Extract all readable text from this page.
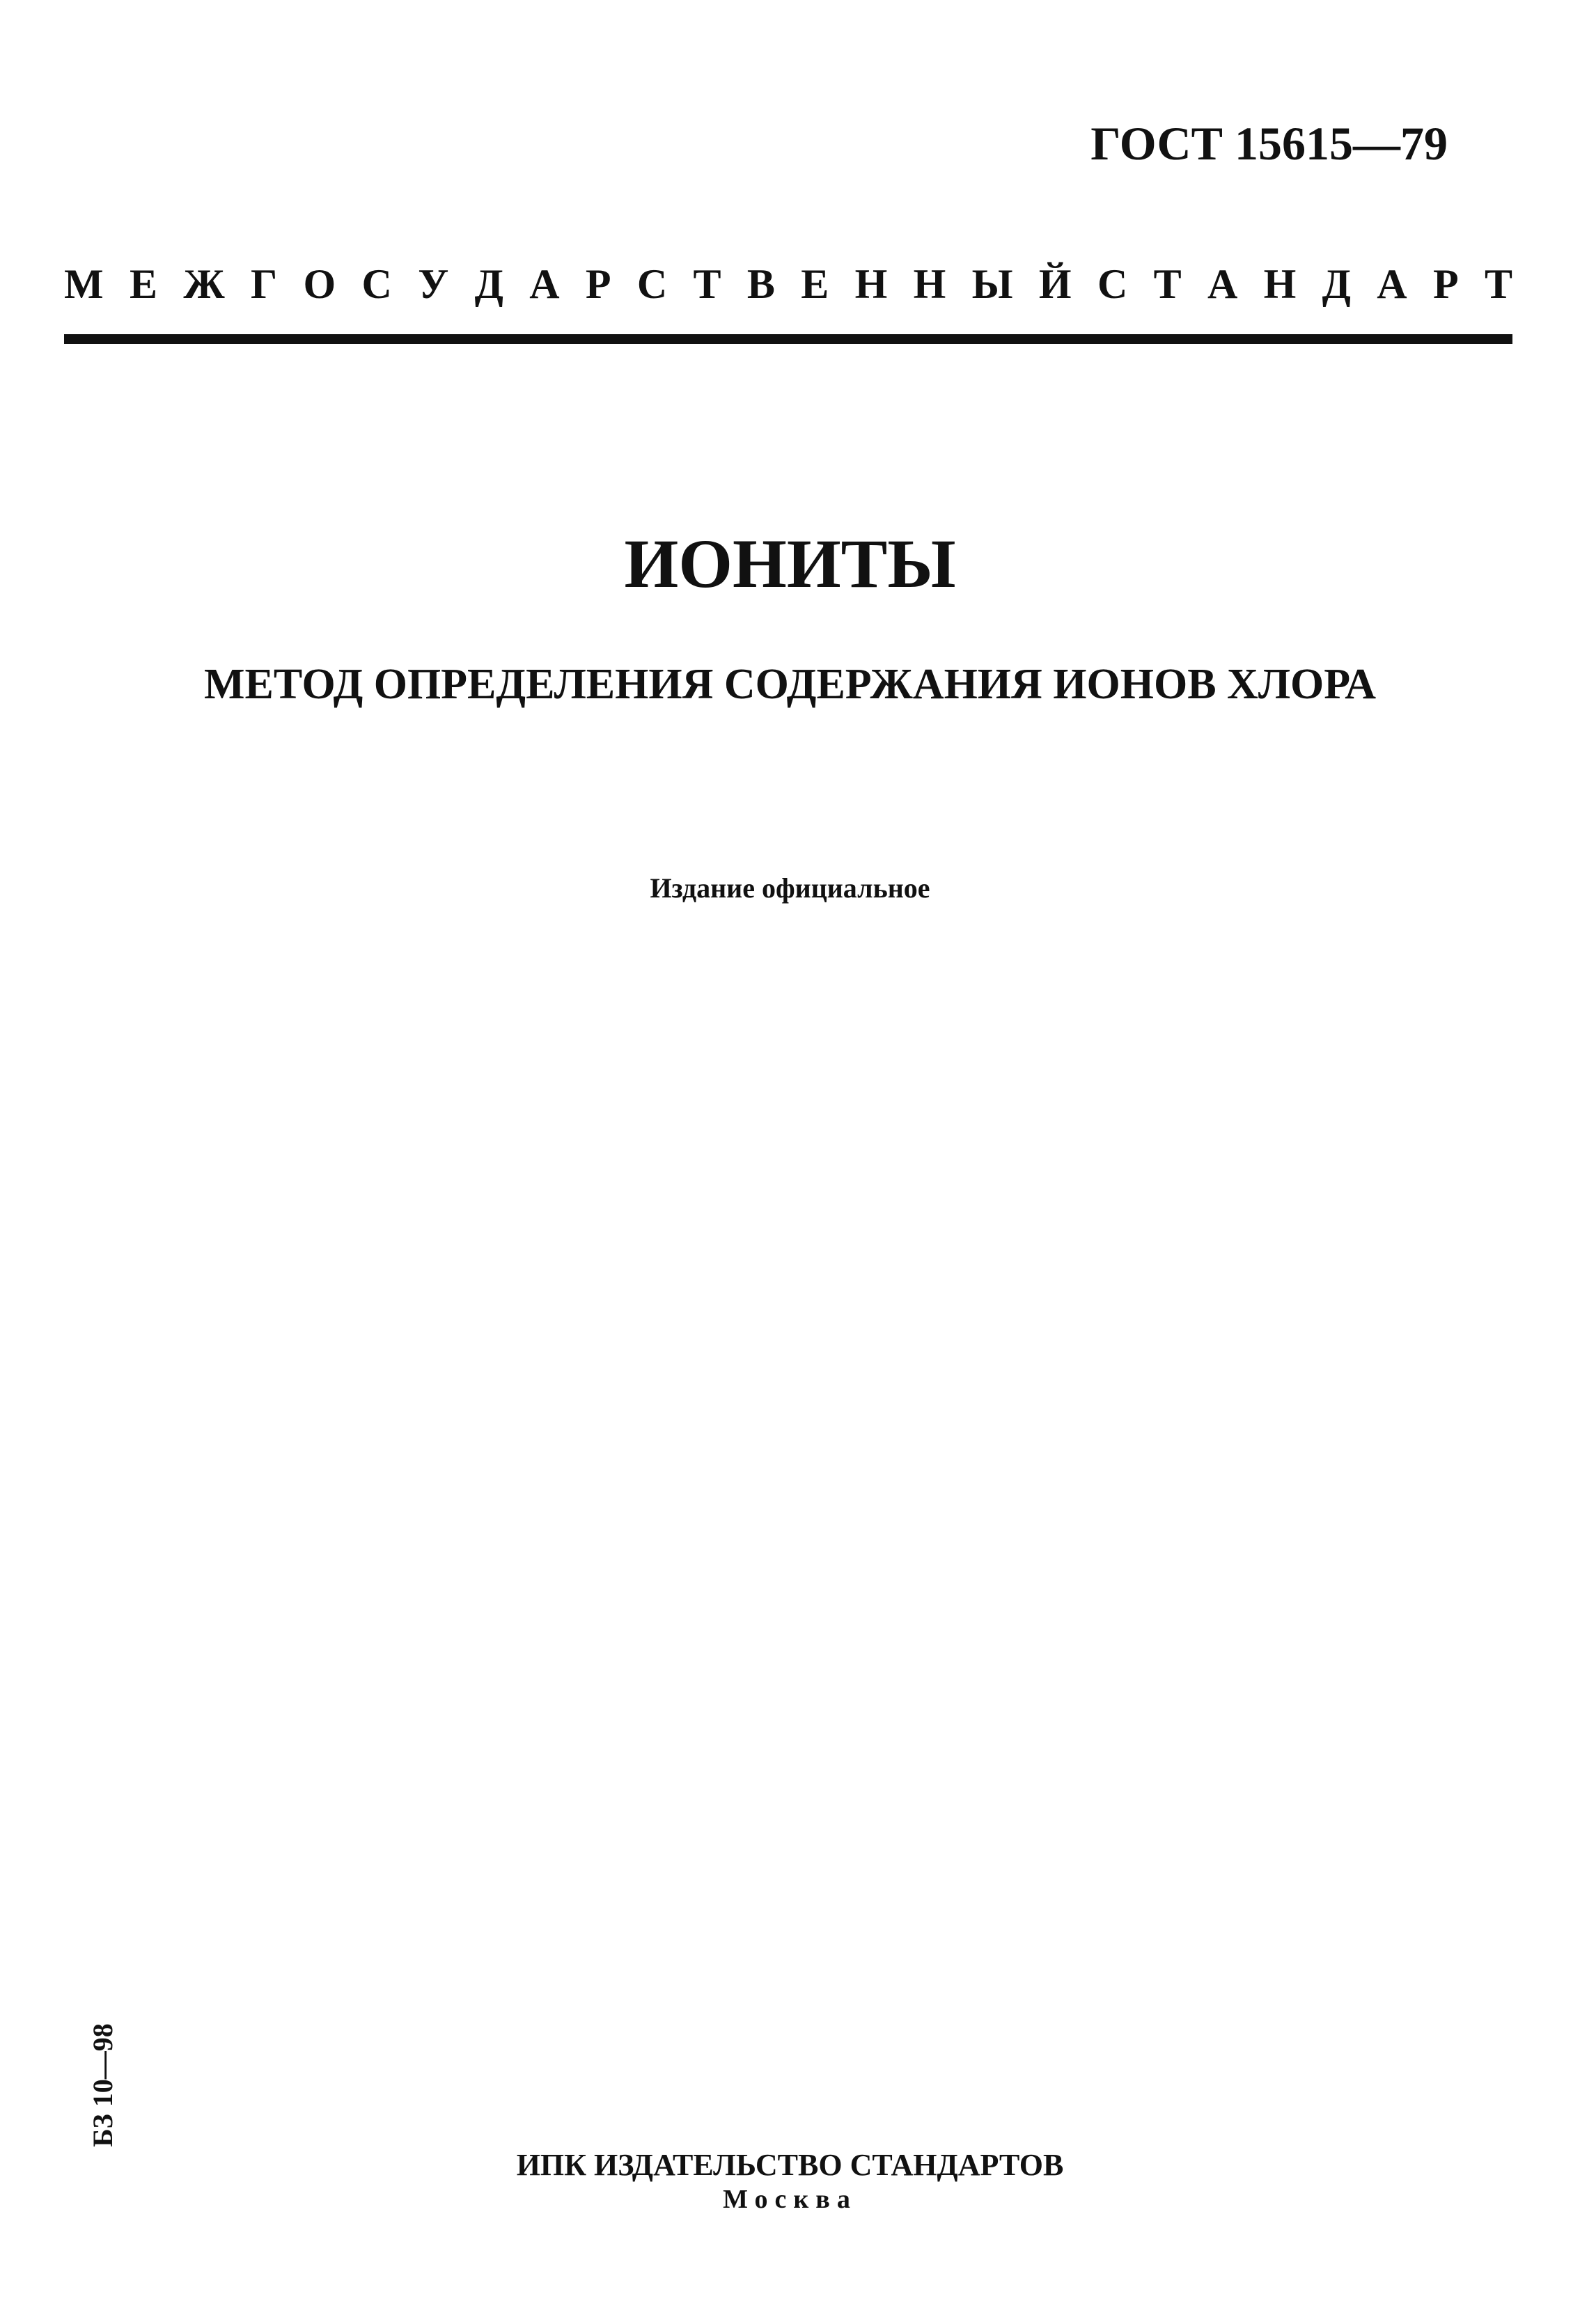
ГОСТ 15615—79
М Е Ж Г О С У Д А Р С Т В Е Н Н Ы Й С Т А Н Д А Р Т
ИОНИТЫ
МЕТОД ОПРЕДЕЛЕНИЯ СОДЕРЖАНИЯ ИОНОВ ХЛОРА
Издание официальное
БЗ 10—98
ИПК ИЗДАТЕЛЬСТВО СТАНДАРТОВ
Москва
